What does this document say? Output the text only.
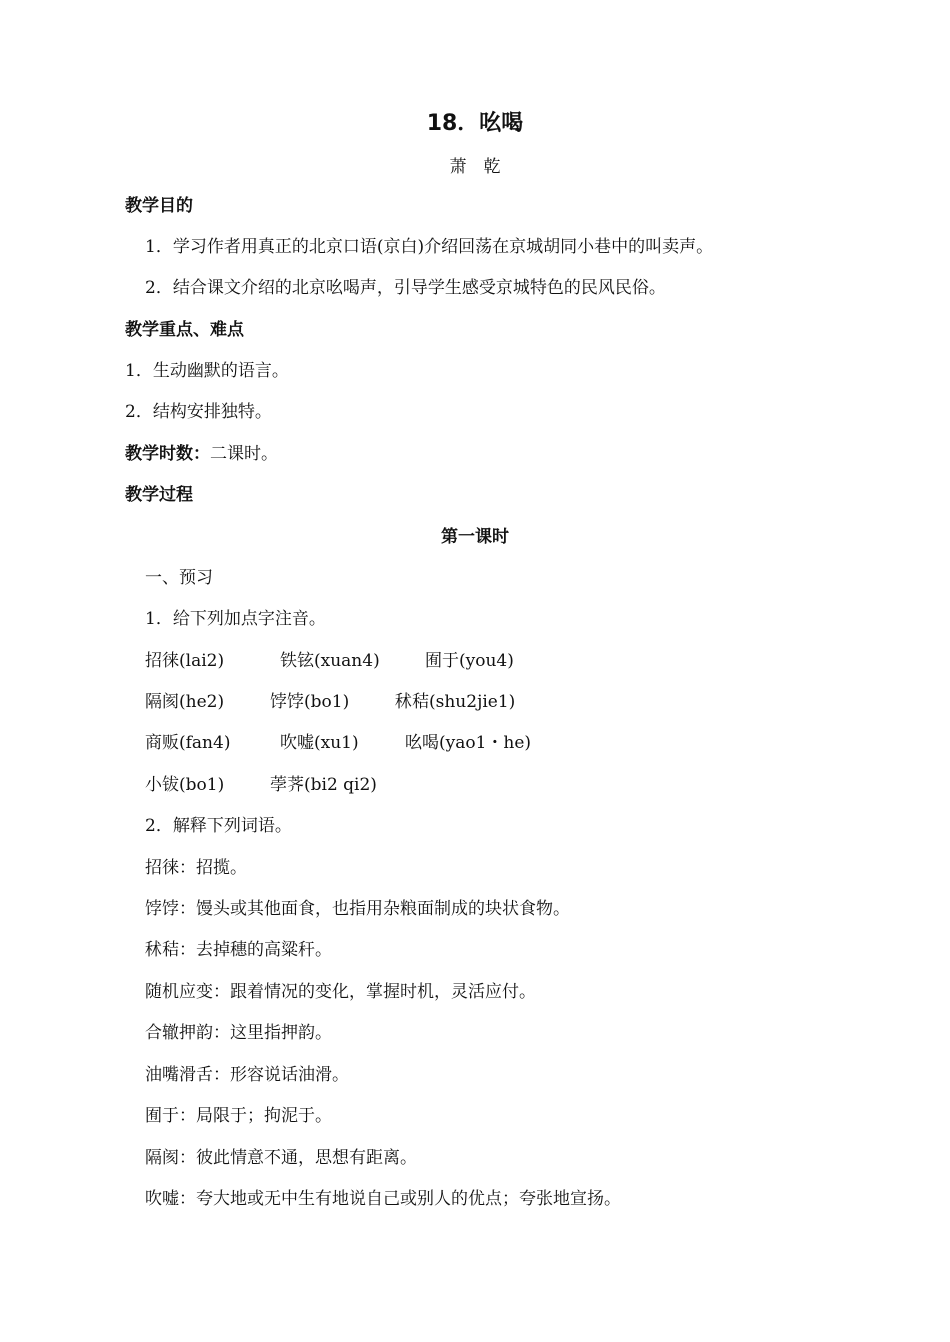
18．吆喝
萧　乾
教学目的
1．学习作者用真正的北京口语(京白)介绍回荡在京城胡同小巷中的叫卖声。
2．结合课文介绍的北京吆喝声，引导学生感受京城特色的民风民俗。
教学重点、难点
1．生动幽默的语言。
2．结构安排独特。
教学时数：二课时。
教学过程
第一课时
一、预习
1．给下列加点字注音。
招徕(lai2)	铁铉(xuan4)	囿于(you4)
隔阂(he2)	饽饽(bo1)	秫秸(shu2jie1)
商贩(fan4)	吹嘘(xu1)	吆喝(yao1・he)
小钹(bo1)	荸荠(bi2 qi2)
2．解释下列词语。
招徕：招揽。
饽饽：馒头或其他面食，也指用杂粮面制成的块状食物。
秫秸：去掉穗的高粱秆。
随机应变：跟着情况的变化，掌握时机，灵活应付。
合辙押韵：这里指押韵。
油嘴滑舌：形容说话油滑。
囿于：局限于；拘泥于。
隔阂：彼此情意不通，思想有距离。
吹嘘：夸大地或无中生有地说自己或别人的优点；夸张地宣扬。
